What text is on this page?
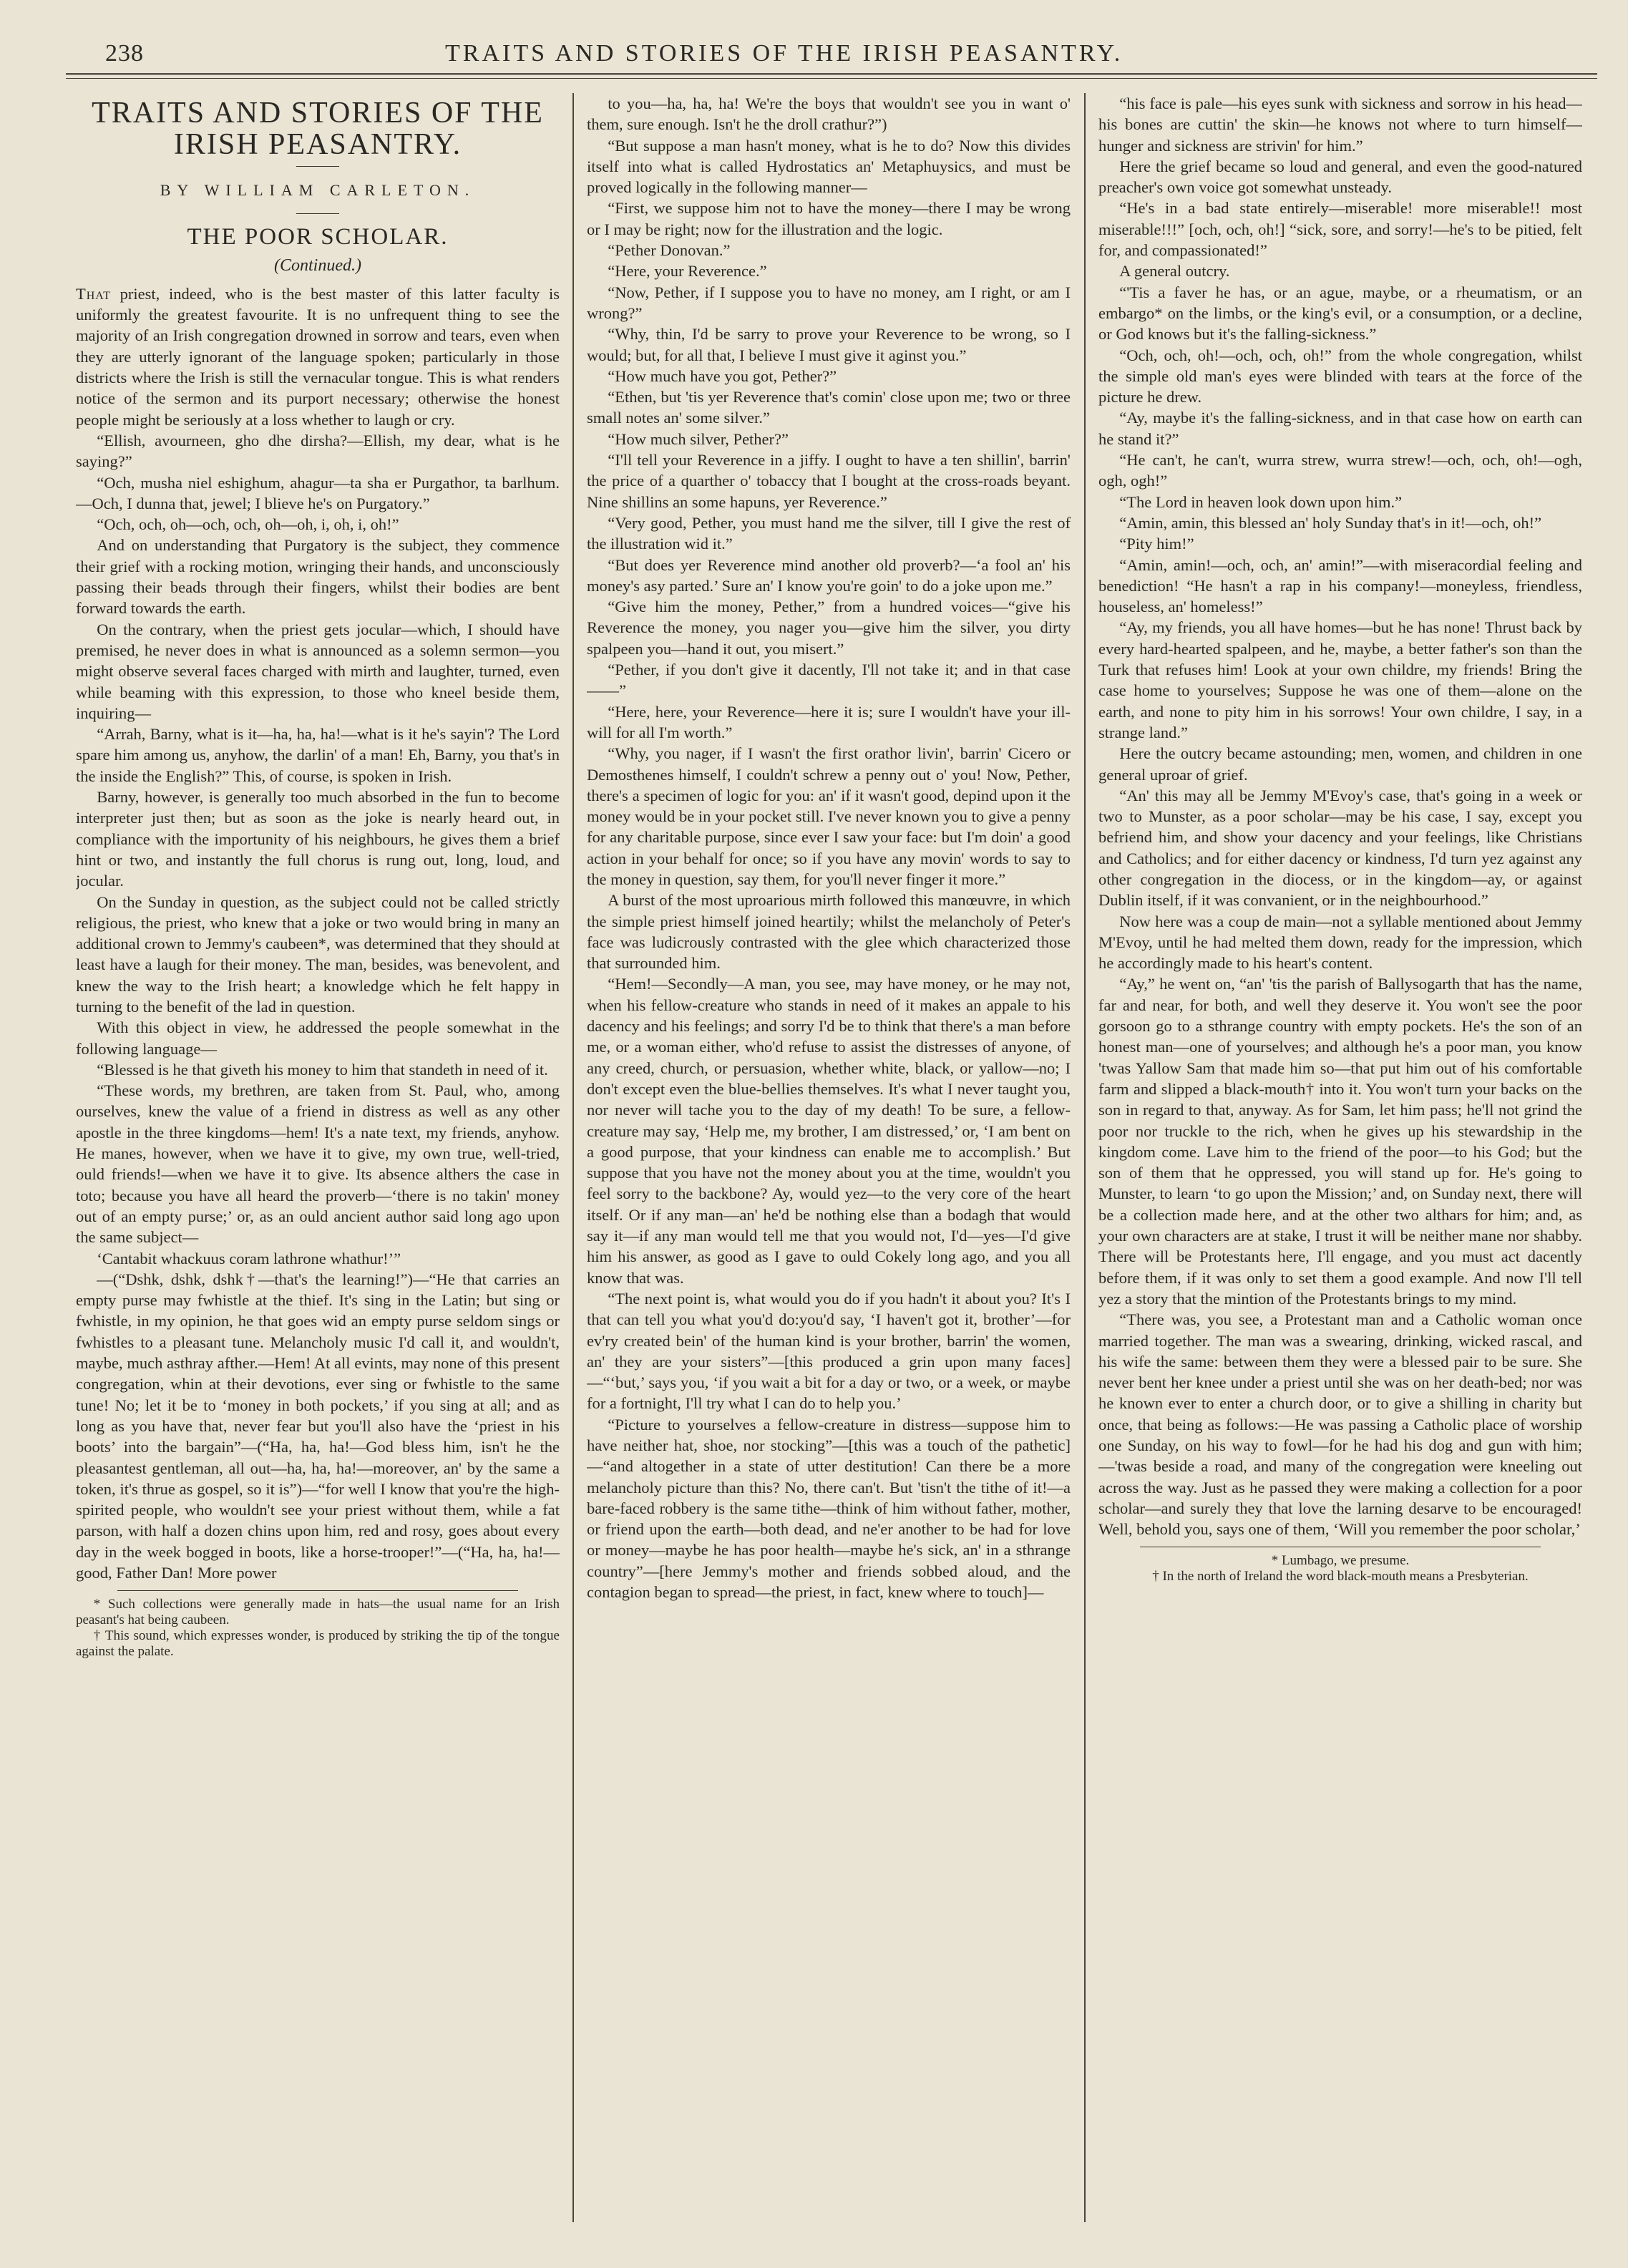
238	TRAITS AND STORIES OF THE IRISH PEASANTRY.
TRAITS AND STORIES OF THE IRISH PEASANTRY.
BY WILLIAM CARLETON.
THE POOR SCHOLAR.
(Continued.)

That priest, indeed, who is the best master of this latter faculty is uniformly the greatest favourite. It is no unfrequent thing to see the majority of an Irish congregation drowned in sorrow and tears, even when they are utterly ignorant of the language spoken; particularly in those districts where the Irish is still the vernacular tongue. This is what renders notice of the sermon and its purport necessary; otherwise the honest people might be seriously at a loss whether to laugh or cry.

“Ellish, avourneen, gho dhe dirsha?—Ellish, my dear, what is he saying?”

“Och, musha niel eshighum, ahagur—ta sha er Purgathor, ta barlhum.—Och, I dunna that, jewel; I blieve he's on Purgatory.”

“Och, och, oh—och, och, oh—oh, i, oh, i, oh!”

And on understanding that Purgatory is the subject, they commence their grief with a rocking motion, wringing their hands, and unconsciously passing their beads through their fingers, whilst their bodies are bent forward towards the earth.

On the contrary, when the priest gets jocular—which, I should have premised, he never does in what is announced as a solemn sermon—you might observe several faces charged with mirth and laughter, turned, even while beaming with this expression, to those who kneel beside them, inquiring—

“Arrah, Barny, what is it—ha, ha, ha!—what is it he's sayin'? The Lord spare him among us, anyhow, the darlin' of a man! Eh, Barny, you that's in the inside the English?” This, of course, is spoken in Irish.

Barny, however, is generally too much absorbed in the fun to become interpreter just then; but as soon as the joke is nearly heard out, in compliance with the importunity of his neighbours, he gives them a brief hint or two, and instantly the full chorus is rung out, long, loud, and jocular.

On the Sunday in question, as the subject could not be called strictly religious, the priest, who knew that a joke or two would bring in many an additional crown to Jemmy's caubeen*, was determined that they should at least have a laugh for their money. The man, besides, was benevolent, and knew the way to the Irish heart; a knowledge which he felt happy in turning to the benefit of the lad in question.

With this object in view, he addressed the people somewhat in the following language—

“Blessed is he that giveth his money to him that standeth in need of it.

“These words, my brethren, are taken from St. Paul, who, among ourselves, knew the value of a friend in distress as well as any other apostle in the three kingdoms—hem! It's a nate text, my friends, anyhow. He manes, however, when we have it to give, my own true, well-tried, ould friends!—when we have it to give. Its absence althers the case in toto; because you have all heard the proverb—‘there is no takin' money out of an empty purse;’ or, as an ould ancient author said long ago upon the same subject—

‘Cantabit whackuus coram lathrone whathur!’”

—(“Dshk, dshk, dshk†—that's the learning!”)—“He that carries an empty purse may fwhistle at the thief. It's sing in the Latin; but sing or fwhistle, in my opinion, he that goes wid an empty purse seldom sings or fwhistles to a pleasant tune. Melancholy music I'd call it, and wouldn't, maybe, much asthray afther.—Hem! At all evints, may none of this present congregation, whin at their devotions, ever sing or fwhistle to the same tune! No; let it be to ‘money in both pockets,’ if you sing at all; and as long as you have that, never fear but you'll also have the ‘priest in his boots’ into the bargain”—(“Ha, ha, ha!—God bless him, isn't he the pleasantest gentleman, all out—ha, ha, ha!—moreover, an' by the same a token, it's thrue as gospel, so it is”)—“for well I know that you're the high-spirited people, who wouldn't see your priest without them, while a fat parson, with half a dozen chins upon him, red and rosy, goes about every day in the week bogged in boots, like a horse-trooper!”—(“Ha, ha, ha!—good, Father Dan! More power

* Such collections were generally made in hats—the usual name for an Irish peasant's hat being caubeen.

† This sound, which expresses wonder, is produced by striking the tip of the tongue against the palate.

to you—ha, ha, ha! We're the boys that wouldn't see you in want o' them, sure enough. Isn't he the droll crathur?”)

“But suppose a man hasn't money, what is he to do? Now this divides itself into what is called Hydrostatics an' Metaphuysics, and must be proved logically in the following manner—

“First, we suppose him not to have the money—there I may be wrong or I may be right; now for the illustration and the logic.

“Pether Donovan.”

“Here, your Reverence.”

“Now, Pether, if I suppose you to have no money, am I right, or am I wrong?”

“Why, thin, I'd be sarry to prove your Reverence to be wrong, so I would; but, for all that, I believe I must give it aginst you.”

“How much have you got, Pether?”

“Ethen, but 'tis yer Reverence that's comin' close upon me; two or three small notes an' some silver.”

“How much silver, Pether?”

“I'll tell your Reverence in a jiffy. I ought to have a ten shillin', barrin' the price of a quarther o' tobaccy that I bought at the cross-roads beyant. Nine shillins an some hapuns, yer Reverence.”

“Very good, Pether, you must hand me the silver, till I give the rest of the illustration wid it.”

“But does yer Reverence mind another old proverb?—‘a fool an' his money's asy parted.’ Sure an' I know you're goin' to do a joke upon me.”

“Give him the money, Pether,” from a hundred voices—“give his Reverence the money, you nager you—give him the silver, you dirty spalpeen you—hand it out, you misert.”

“Pether, if you don't give it dacently, I'll not take it; and in that case——”

“Here, here, your Reverence—here it is; sure I wouldn't have your ill-will for all I'm worth.”

“Why, you nager, if I wasn't the first orathor livin', barrin' Cicero or Demosthenes himself, I couldn't schrew a penny out o' you! Now, Pether, there's a specimen of logic for you: an' if it wasn't good, depind upon it the money would be in your pocket still. I've never known you to give a penny for any charitable purpose, since ever I saw your face: but I'm doin' a good action in your behalf for once; so if you have any movin' words to say to the money in question, say them, for you'll never finger it more.”

A burst of the most uproarious mirth followed this manœuvre, in which the simple priest himself joined heartily; whilst the melancholy of Peter's face was ludicrously contrasted with the glee which characterized those that surrounded him.

“Hem!—Secondly—A man, you see, may have money, or he may not, when his fellow-creature who stands in need of it makes an appale to his dacency and his feelings; and sorry I'd be to think that there's a man before me, or a woman either, who'd refuse to assist the distresses of anyone, of any creed, church, or persuasion, whether white, black, or yallow—no; I don't except even the blue-bellies themselves. It's what I never taught you, nor never will tache you to the day of my death! To be sure, a fellow-creature may say, ‘Help me, my brother, I am distressed,’ or, ‘I am bent on a good purpose, that your kindness can enable me to accomplish.’ But suppose that you have not the money about you at the time, wouldn't you feel sorry to the backbone? Ay, would yez—to the very core of the heart itself. Or if any man—an' he'd be nothing else than a bodagh that would say it—if any man would tell me that you would not, I'd—yes—I'd give him his answer, as good as I gave to ould Cokely long ago, and you all know that was.

“The next point is, what would you do if you hadn't it about you? It's I that can tell you what you'd do:you'd say, ‘I haven't got it, brother’—for ev'ry created bein' of the human kind is your brother, barrin' the women, an' they are your sisters”—[this produced a grin upon many faces]—“‘but,’ says you, ‘if you wait a bit for a day or two, or a week, or maybe for a fortnight, I'll try what I can do to help you.’

“Picture to yourselves a fellow-creature in distress—suppose him to have neither hat, shoe, nor stocking”—[this was a touch of the pathetic]—“and altogether in a state of utter destitution! Can there be a more melancholy picture than this? No, there can't. But 'tisn't the tithe of it!—a bare-faced robbery is the same tithe—think of him without father, mother, or friend upon the earth—both dead, and ne'er another to be had for love or money—maybe he has poor health—maybe he's sick, an' in a sthrange country”—[here Jemmy's mother and friends sobbed aloud, and the contagion began to spread—the priest, in fact, knew where to touch]—

“his face is pale—his eyes sunk with sickness and sorrow in his head—his bones are cuttin' the skin—he knows not where to turn himself—hunger and sickness are strivin' for him.”

Here the grief became so loud and general, and even the good-natured preacher's own voice got somewhat unsteady.

“He's in a bad state entirely—miserable! more miserable!! most miserable!!!” [och, och, oh!] “sick, sore, and sorry!—he's to be pitied, felt for, and compassionated!”

A general outcry.

“'Tis a faver he has, or an ague, maybe, or a rheumatism, or an embargo* on the limbs, or the king's evil, or a consumption, or a decline, or God knows but it's the falling-sickness.”

“Och, och, oh!—och, och, oh!” from the whole congregation, whilst the simple old man's eyes were blinded with tears at the force of the picture he drew.

“Ay, maybe it's the falling-sickness, and in that case how on earth can he stand it?”

“He can't, he can't, wurra strew, wurra strew!—och, och, oh!—ogh, ogh, ogh!”

“The Lord in heaven look down upon him.”

“Amin, amin, this blessed an' holy Sunday that's in it!—och, oh!”

“Pity him!”

“Amin, amin!—och, och, an' amin!”—with miseracordial feeling and benediction! “He hasn't a rap in his company!—moneyless, friendless, houseless, an' homeless!”

“Ay, my friends, you all have homes—but he has none! Thrust back by every hard-hearted spalpeen, and he, maybe, a better father's son than the Turk that refuses him! Look at your own childre, my friends! Bring the case home to yourselves; Suppose he was one of them—alone on the earth, and none to pity him in his sorrows! Your own childre, I say, in a strange land.”

Here the outcry became astounding; men, women, and children in one general uproar of grief.

“An' this may all be Jemmy M'Evoy's case, that's going in a week or two to Munster, as a poor scholar—may be his case, I say, except you befriend him, and show your dacency and your feelings, like Christians and Catholics; and for either dacency or kindness, I'd turn yez against any other congregation in the diocess, or in the kingdom—ay, or against Dublin itself, if it was convanient, or in the neighbourhood.”

Now here was a coup de main—not a syllable mentioned about Jemmy M'Evoy, until he had melted them down, ready for the impression, which he accordingly made to his heart's content.

“Ay,” he went on, “an' 'tis the parish of Ballysogarth that has the name, far and near, for both, and well they deserve it. You won't see the poor gorsoon go to a sthrange country with empty pockets. He's the son of an honest man—one of yourselves; and although he's a poor man, you know 'twas Yallow Sam that made him so—that put him out of his comfortable farm and slipped a black-mouth† into it. You won't turn your backs on the son in regard to that, anyway. As for Sam, let him pass; he'll not grind the poor nor truckle to the rich, when he gives up his stewardship in the kingdom come. Lave him to the friend of the poor—to his God; but the son of them that he oppressed, you will stand up for. He's going to Munster, to learn ‘to go upon the Mission;’ and, on Sunday next, there will be a collection made here, and at the other two althars for him; and, as your own characters are at stake, I trust it will be neither mane nor shabby. There will be Protestants here, I'll engage, and you must act dacently before them, if it was only to set them a good example. And now I'll tell yez a story that the mintion of the Protestants brings to my mind.

“There was, you see, a Protestant man and a Catholic woman once married together. The man was a swearing, drinking, wicked rascal, and his wife the same: between them they were a blessed pair to be sure. She never bent her knee under a priest until she was on her death-bed; nor was he known ever to enter a church door, or to give a shilling in charity but once, that being as follows:—He was passing a Catholic place of worship one Sunday, on his way to fowl—for he had his dog and gun with him;—'twas beside a road, and many of the congregation were kneeling out across the way. Just as he passed they were making a collection for a poor scholar—and surely they that love the larning desarve to be encouraged! Well, behold you, says one of them, ‘Will you remember the poor scholar,’

* Lumbago, we presume.

† In the north of Ireland the word black-mouth means a Presbyterian.
